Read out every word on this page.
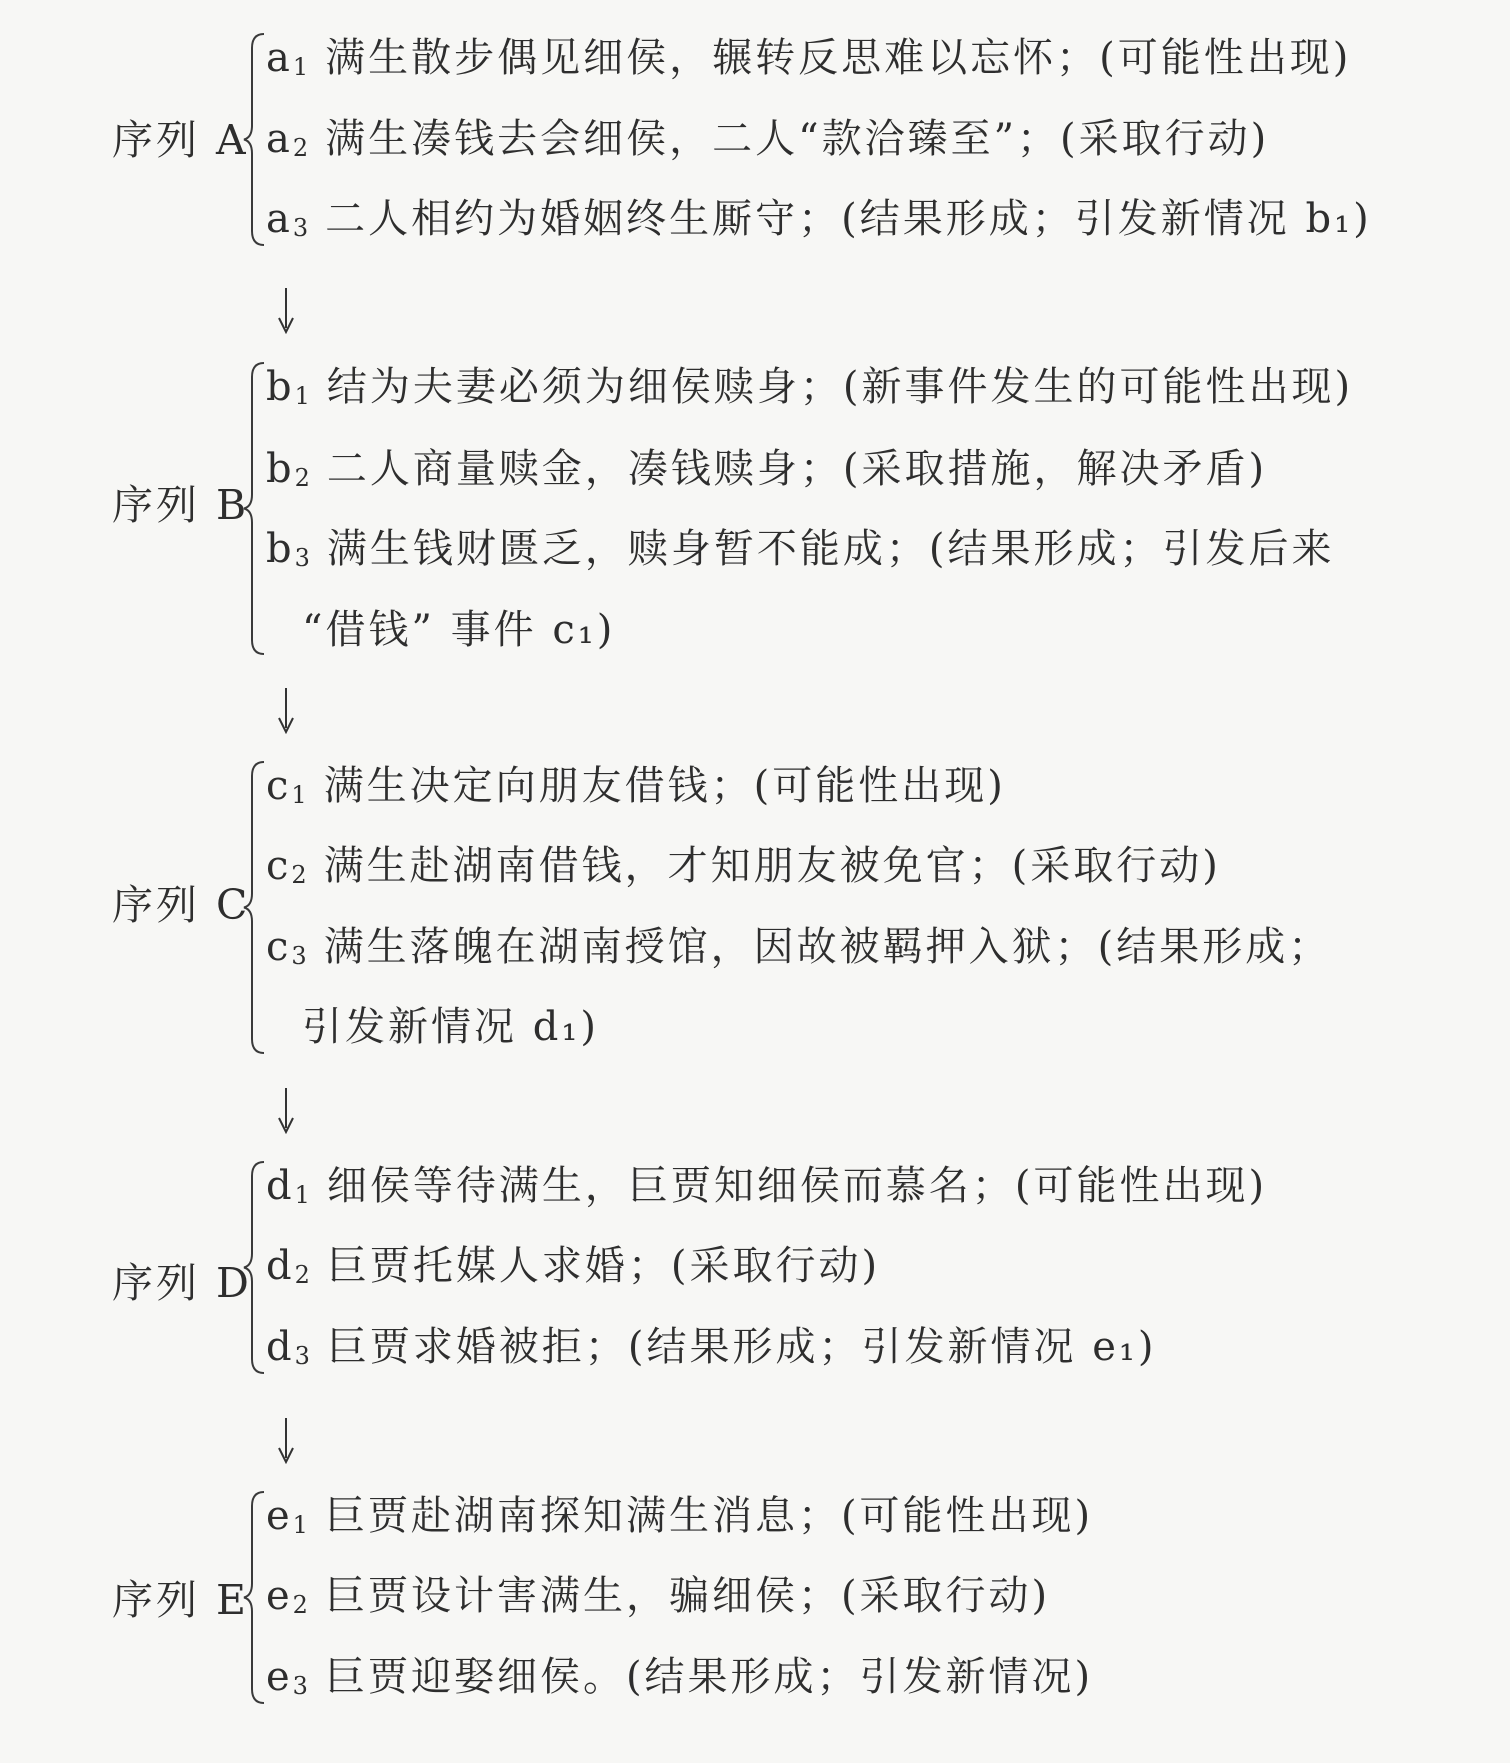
序列 A
$a_1$ 满生散步偶见细侯，辗转反思难以忘怀；(可能性出现)
$a_2$ 满生凑钱去会细侯，二人“款洽臻至”；(采取行动)
$a_3$ 二人相约为婚姻终生厮守；(结果形成；引发新情况 b₁)
序列 B
$b_1$ 结为夫妻必须为细侯赎身；(新事件发生的可能性出现)
$b_2$ 二人商量赎金，凑钱赎身；(采取措施，解决矛盾)
$b_3$ 满生钱财匮乏，赎身暂不能成；(结果形成；引发后来
“借钱” 事件 c₁)
序列 C
$c_1$ 满生决定向朋友借钱；(可能性出现)
$c_2$ 满生赴湖南借钱，才知朋友被免官；(采取行动)
$c_3$ 满生落魄在湖南授馆，因故被羁押入狱；(结果形成；
引发新情况 d₁)
序列 D
$d_1$ 细侯等待满生，巨贾知细侯而慕名；(可能性出现)
$d_2$ 巨贾托媒人求婚；(采取行动)
$d_3$ 巨贾求婚被拒；(结果形成；引发新情况 e₁)
序列 E
$e_1$ 巨贾赴湖南探知满生消息；(可能性出现)
$e_2$ 巨贾设计害满生，骗细侯；(采取行动)
$e_3$ 巨贾迎娶细侯。(结果形成；引发新情况)
